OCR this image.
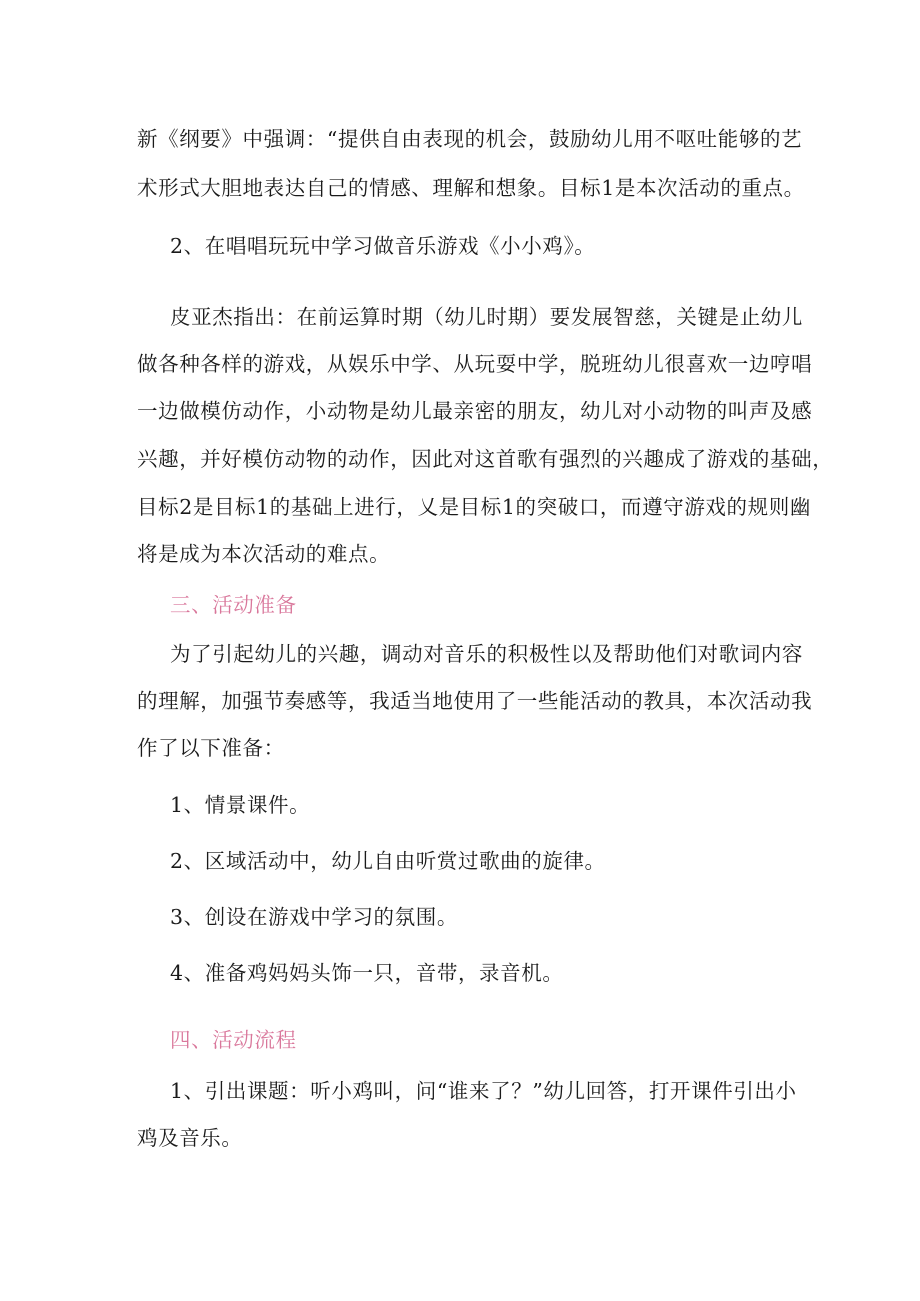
新《纲要》中强调：“提供自由表现的机会，鼓励幼儿用不呕吐能够的艺
术形式大胆地表达自己的情感、理解和想象。目标1是本次活动的重点。
2、在唱唱玩玩中学习做音乐游戏《小小鸡》。
皮亚杰指出：在前运算时期（幼儿时期）要发展智慈，关键是止幼儿
做各种各样的游戏，从娱乐中学、从玩耍中学，脱班幼儿很喜欢一边哼唱
一边做模仿动作，小动物是幼儿最亲密的朋友，幼儿对小动物的叫声及感
兴趣，并好模仿动物的动作，因此对这首歌有强烈的兴趣成了游戏的基础，
目标2是目标1的基础上进行，乂是目标1的突破口，而遵守游戏的规则幽
将是成为本次活动的难点。
三、活动准备
为了引起幼儿的兴趣，调动对音乐的积极性以及帮助他们对歌词内容
的理解，加强节奏感等，我适当地使用了一些能活动的教具，本次活动我
作了以下准备：
1、情景课件。
2、区域活动中，幼儿自由听赏过歌曲的旋律。
3、创设在游戏中学习的氛围。
4、准备鸡妈妈头饰一只，音带，录音机。
四、活动流程
1、引出课题：听小鸡叫，问“谁来了？”幼儿回答，打开课件引出小
鸡及音乐。
